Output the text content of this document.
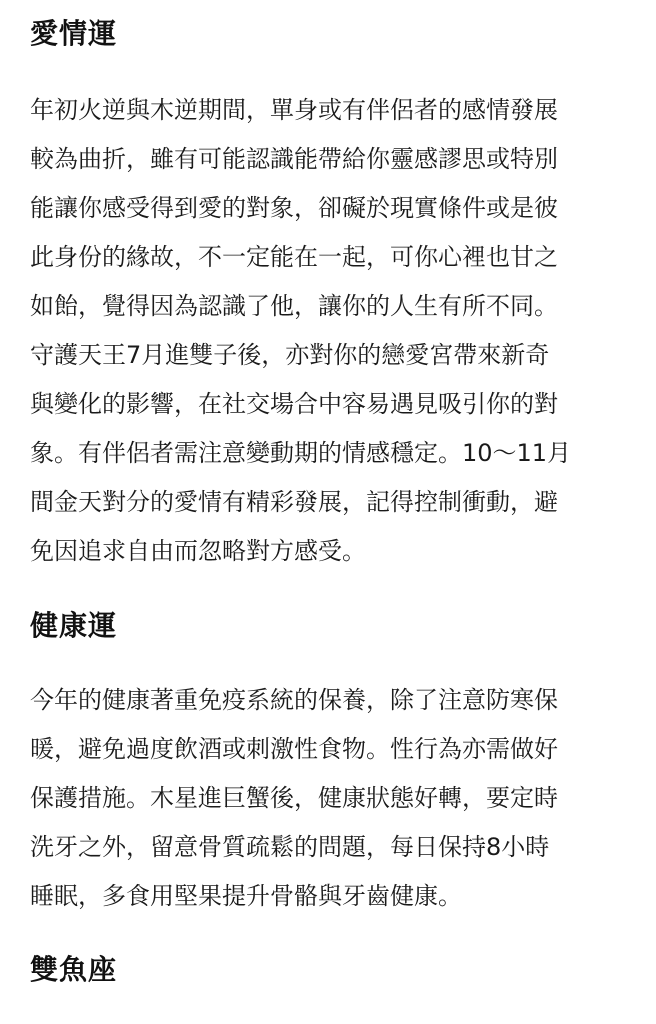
愛情運
年初火逆與木逆期間，單身或有伴侶者的感情發展
較為曲折，雖有可能認識能帶給你靈感謬思或特別
能讓你感受得到愛的對象，卻礙於現實條件或是彼
此身份的緣故，不一定能在一起，可你心裡也甘之
如飴，覺得因為認識了他，讓你的人生有所不同。
守護天王7月進雙子後，亦對你的戀愛宮帶來新奇
與變化的影響，在社交場合中容易遇見吸引你的對
象。有伴侶者需注意變動期的情感穩定。10～11月
間金天對分的愛情有精彩發展，記得控制衝動，避
免因追求自由而忽略對方感受。
健康運
今年的健康著重免疫系統的保養，除了注意防寒保
暖，避免過度飲酒或刺激性食物。性行為亦需做好
保護措施。木星進巨蟹後，健康狀態好轉，要定時
洗牙之外，留意骨質疏鬆的問題，每日保持8小時
睡眠，多食用堅果提升骨骼與牙齒健康。
雙魚座
